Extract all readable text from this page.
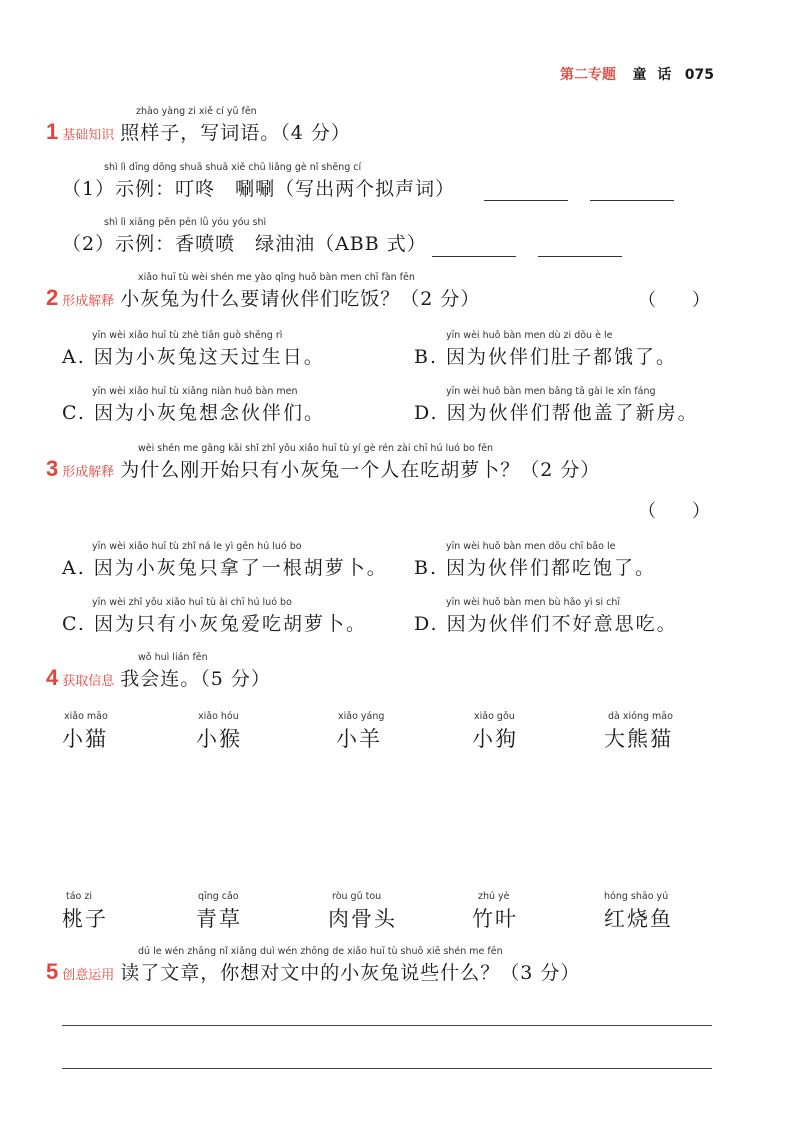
第二专题 童 话 075
zhào yàng zi xiě cí yǔ fēn
1 基础知识 照样子，写词语。（4 分）
shì lì dīng dōng shuā shuā xiě chū liǎng gè nǐ shēng cí
（1）示例：叮咚　唰唰（写出两个拟声词）
shì lì xiāng pēn pēn lǜ yóu yóu shì
（2）示例：香喷喷　绿油油（ABB 式）
xiǎo huī tù wèi shén me yào qǐng huǒ bàn men chī fàn fēn
2 形成解释 小灰兔为什么要请伙伴们吃饭？（2 分）	（　　）
yīn wèi xiǎo huī tù zhè tiān guò shēng rì
A. 因为小灰兔这天过生日。
yīn wèi huǒ bàn men dù zi dōu è le
B. 因为伙伴们肚子都饿了。
yīn wèi xiǎo huī tù xiǎng niàn huǒ bàn men
C. 因为小灰兔想念伙伴们。
yīn wèi huǒ bàn men bāng tā gài le xīn fáng
D. 因为伙伴们帮他盖了新房。
wèi shén me gāng kāi shǐ zhǐ yǒu xiǎo huī tù yí gè rén zài chī hú luó bo fēn
3 形成解释 为什么刚开始只有小灰兔一个人在吃胡萝卜？（2 分）
（　　）
yīn wèi xiǎo huī tù zhǐ ná le yì gēn hú luó bo
A. 因为小灰兔只拿了一根胡萝卜。
yīn wèi huǒ bàn men dōu chī bǎo le
B. 因为伙伴们都吃饱了。
yīn wèi zhǐ yǒu xiǎo huī tù ài chī hú luó bo
C. 因为只有小灰兔爱吃胡萝卜。
yīn wèi huǒ bàn men bù hǎo yì si chī
D. 因为伙伴们不好意思吃。
wǒ huì lián fēn
4 获取信息 我会连。（5 分）
xiǎo māo
小猫
xiǎo hóu
小猴
xiǎo yáng
小羊
xiǎo gǒu
小狗
dà xióng māo
大熊猫
táo zi
桃子
qīng cǎo
青草
ròu gǔ tou
肉骨头
zhú yè
竹叶
hóng shāo yú
红烧鱼
dú le wén zhāng nǐ xiǎng duì wén zhōng de xiǎo huī tù shuō xiē shén me fēn
5 创意运用 读了文章，你想对文中的小灰兔说些什么？（3 分）
